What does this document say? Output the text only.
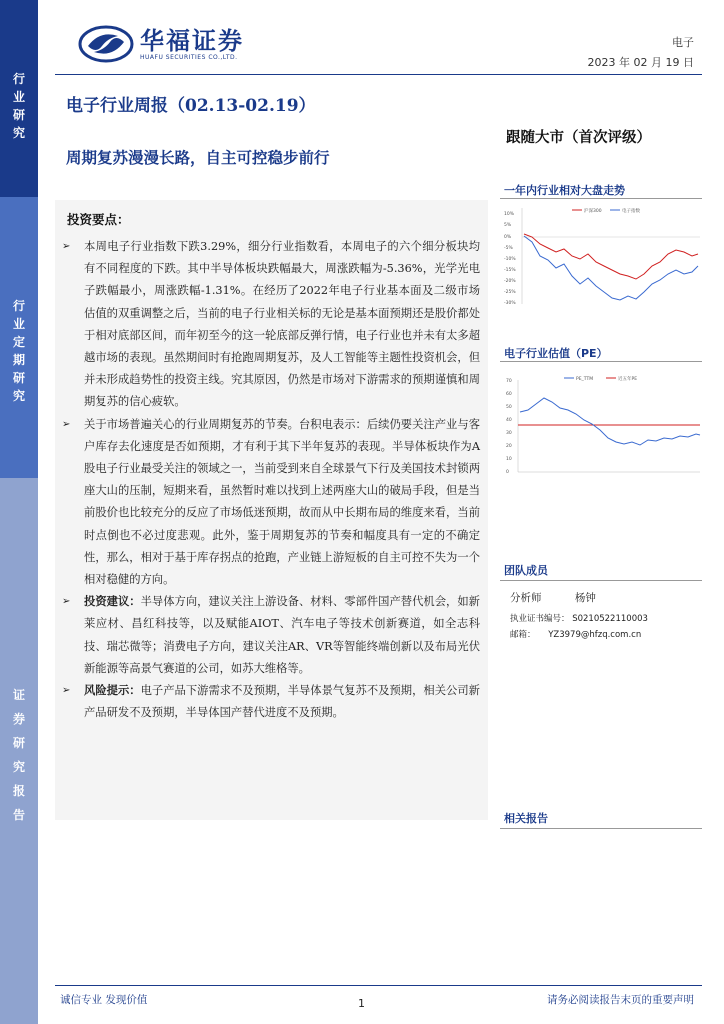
行
业
研
究
行
业
定
期
研
究
证
券
研
究
报
告
华福证券
HUAFU SECURITIES CO.,LTD.
电子
2023 年 02 月 19 日
电子行业周报（02.13-02.19）
周期复苏漫漫长路，自主可控稳步前行
跟随大市（首次评级）
投资要点：
➢	本周电子行业指数下跌3.29%，细分行业指数看，本周电子的六个细分板块均有不同程度的下跌。其中半导体板块跌幅最大，周涨跌幅为-5.36%，光学光电子跌幅最小，周涨跌幅-1.31%。在经历了2022年电子行业基本面及二级市场估值的双重调整之后，当前的电子行业相关标的无论是基本面预期还是股价都处于相对底部区间，而年初至今的这一轮底部反弹行情，电子行业也并未有太多超越市场的表现。虽然期间时有抢跑周期复苏，及人工智能等主题性投资机会，但并未形成趋势性的投资主线。究其原因，仍然是市场对下游需求的预期谨慎和周期复苏的信心疲软。
➢	关于市场普遍关心的行业周期复苏的节奏。台积电表示：后续仍要关注产业与客户库存去化速度是否如预期，才有利于其下半年复苏的表现。半导体板块作为A股电子行业最受关注的领域之一，当前受到来自全球景气下行及美国技术封锁两座大山的压制，短期来看，虽然暂时难以找到上述两座大山的破局手段，但是当前股价也比较充分的反应了市场低迷预期，故而从中长期布局的维度来看，当前时点倒也不必过度悲观。此外，鉴于周期复苏的节奏和幅度具有一定的不确定性，那么，相对于基于库存拐点的抢跑，产业链上游短板的自主可控不失为一个相对稳健的方向。
➢	投资建议：半导体方向，建议关注上游设备、材料、零部件国产替代机会，如新莱应材、昌红科技等，以及赋能AIOT、汽车电子等技术创新赛道，如全志科技、瑞芯微等；消费电子方向，建议关注AR、VR等智能终端创新以及布局光伏新能源等高景气赛道的公司，如苏大维格等。
➢	风险提示：电子产品下游需求不及预期，半导体景气复苏不及预期，相关公司新产品研发不及预期，半导体国产替代进度不及预期。
一年内行业相对大盘走势
10%
5%
0%
-5%
-10%
-15%
-20%
-25%
-30%
沪深300	电子指数
电子行业估值（PE）
70
60
50
40
30
20
10
0
PE_TTM	近五年PE
团队成员
分析师	杨钟
执业证书编号： S0210522110003
邮箱： YZ3979@hfzq.com.cn
相关报告
诚信专业 发现价值	1	请务必阅读报告末页的重要声明
